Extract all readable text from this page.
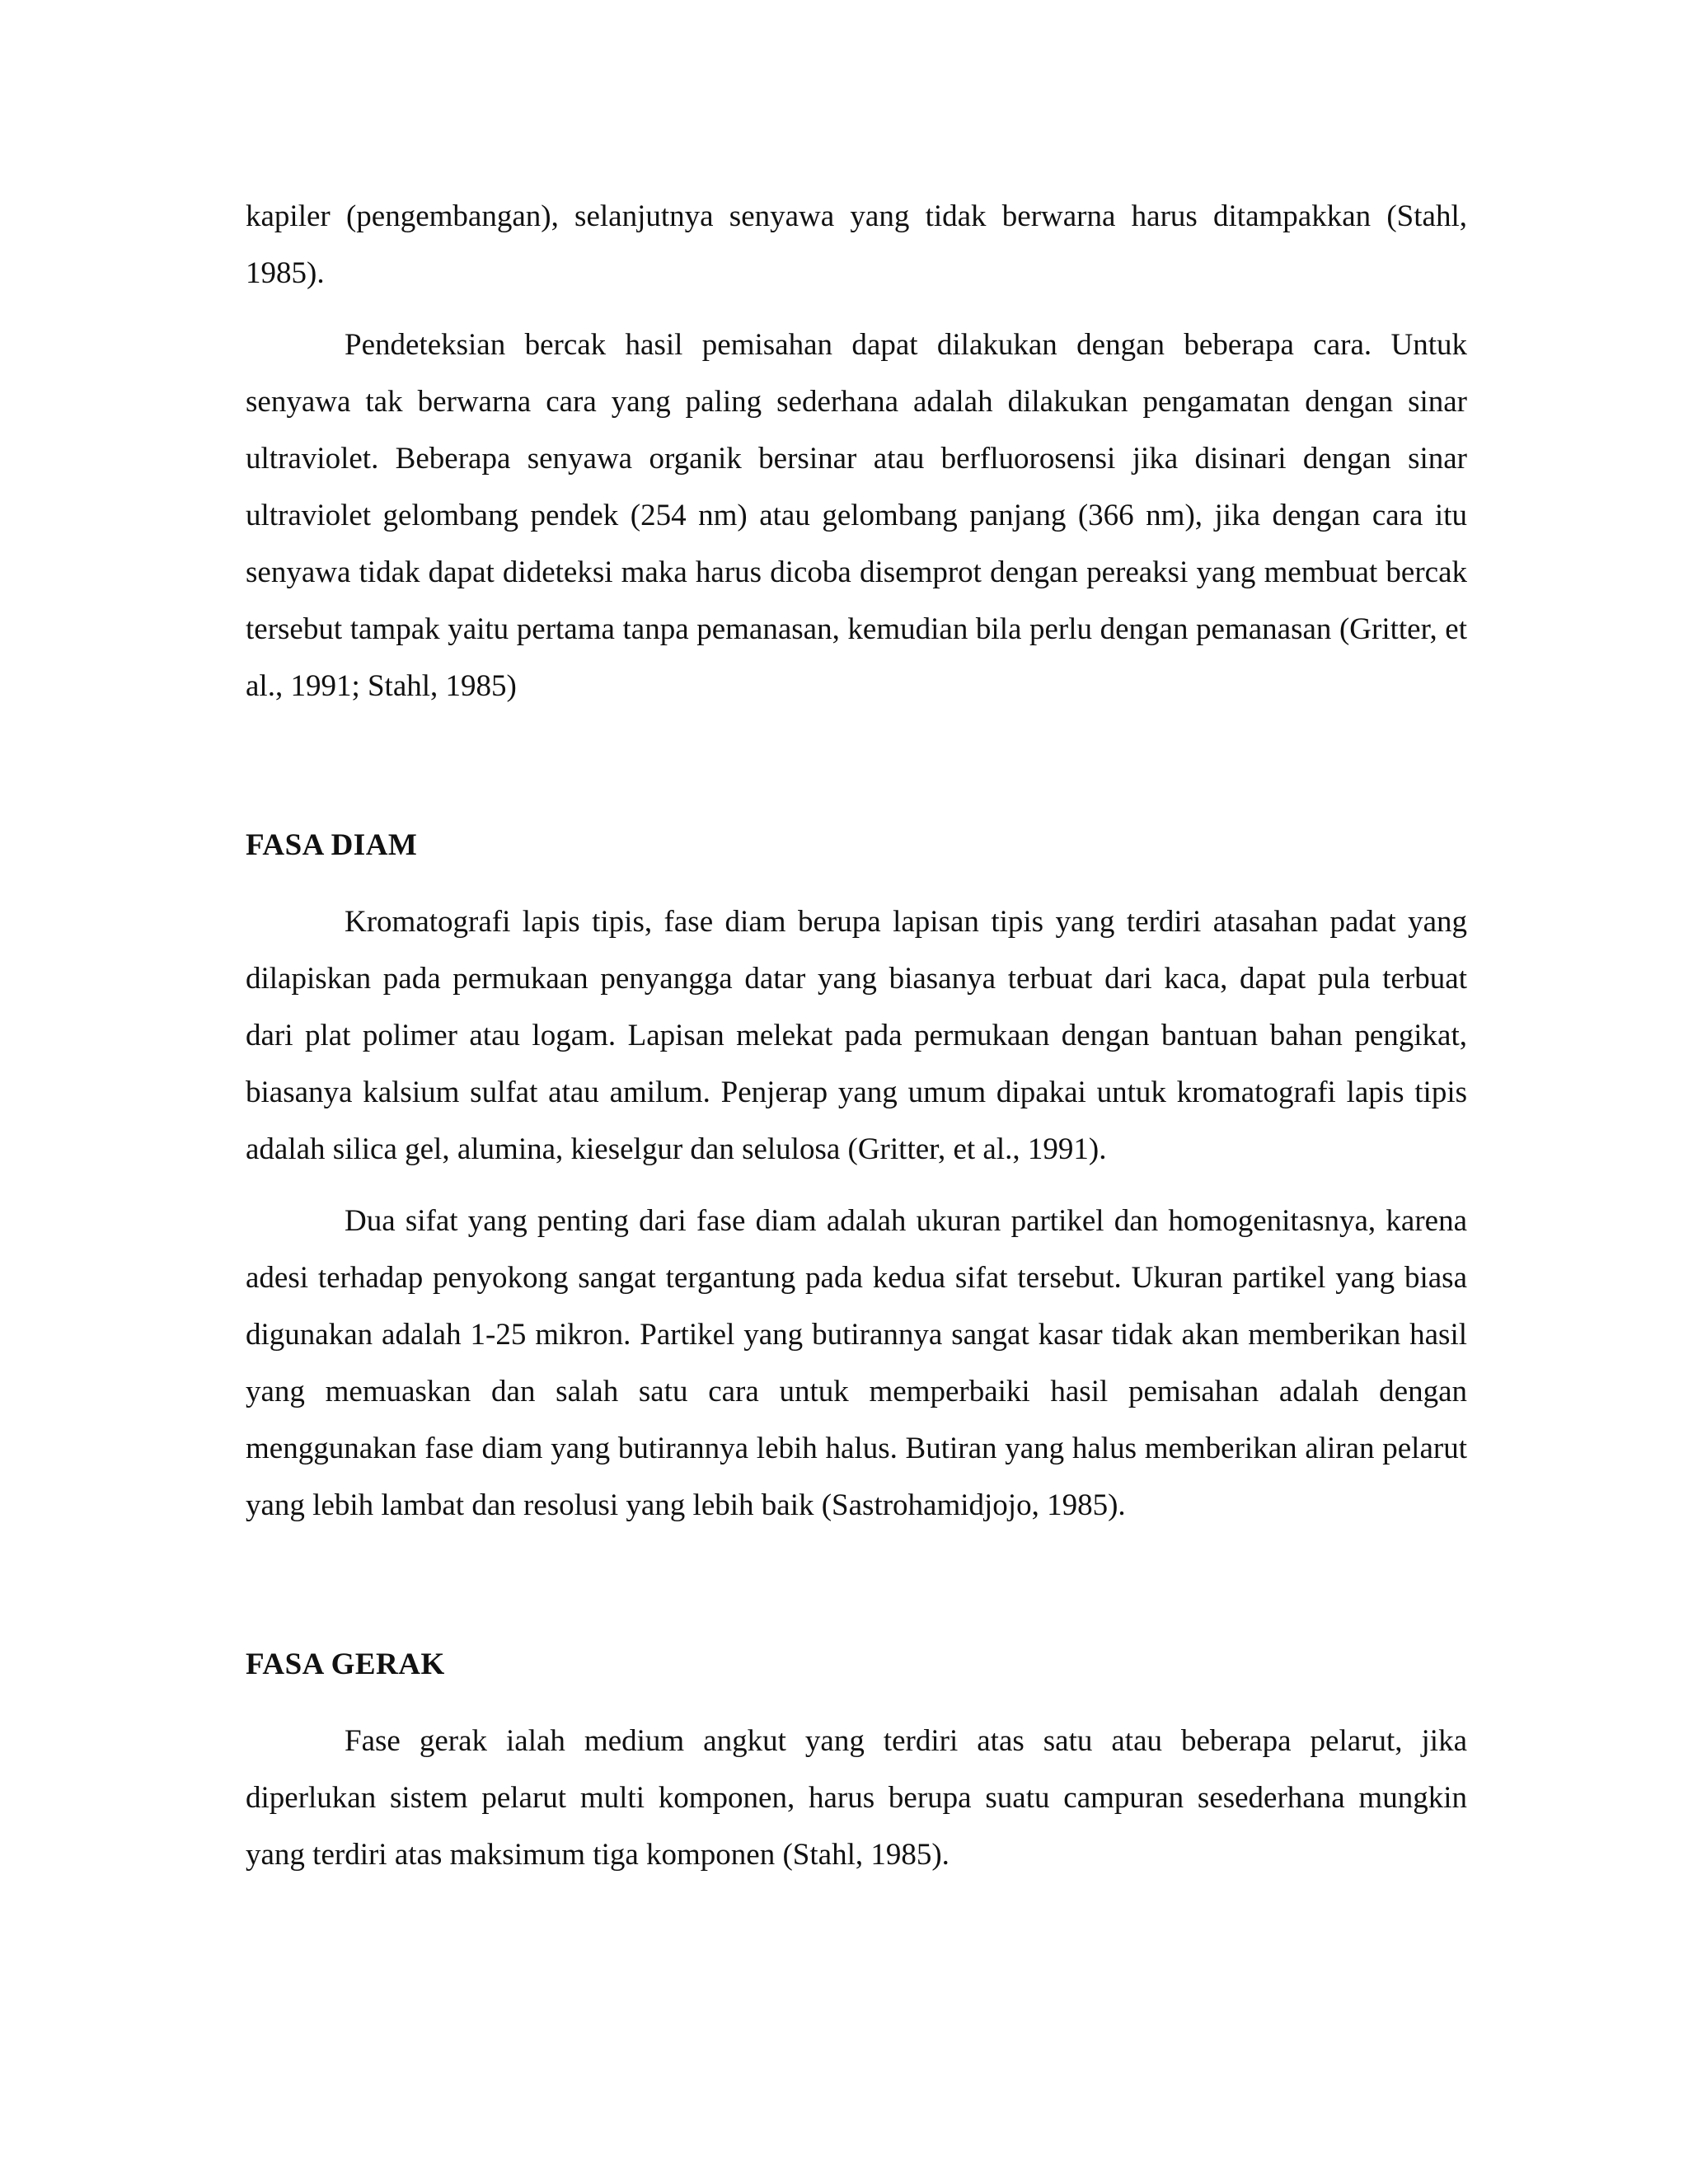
kapiler (pengembangan), selanjutnya senyawa yang tidak berwarna harus ditampakkan (Stahl, 1985).

Pendeteksian bercak hasil pemisahan dapat dilakukan dengan beberapa cara. Untuk senyawa tak berwarna cara yang paling sederhana adalah dilakukan pengamatan dengan sinar ultraviolet. Beberapa senyawa organik bersinar atau berfluorosensi jika disinari dengan sinar ultraviolet gelombang pendek (254 nm) atau gelombang panjang (366 nm), jika dengan cara itu senyawa tidak dapat dideteksi maka harus dicoba disemprot dengan pereaksi yang membuat bercak tersebut tampak yaitu pertama tanpa pemanasan, kemudian bila perlu dengan pemanasan (Gritter, et al., 1991; Stahl, 1985)

FASA DIAM

Kromatografi lapis tipis, fase diam berupa lapisan tipis yang terdiri atasahan padat yang dilapiskan pada permukaan penyangga datar yang biasanya terbuat dari kaca, dapat pula terbuat dari plat polimer atau logam. Lapisan melekat pada permukaan dengan bantuan bahan pengikat, biasanya kalsium sulfat atau amilum. Penjerap yang umum dipakai untuk kromatografi lapis tipis adalah silica gel, alumina, kieselgur dan selulosa (Gritter, et al., 1991).

Dua sifat yang penting dari fase diam adalah ukuran partikel dan homogenitasnya, karena adesi terhadap penyokong sangat tergantung pada kedua sifat tersebut. Ukuran partikel yang biasa digunakan adalah 1-25 mikron. Partikel yang butirannya sangat kasar tidak akan memberikan hasil yang memuaskan dan salah satu cara untuk memperbaiki hasil pemisahan adalah dengan menggunakan fase diam yang butirannya lebih halus. Butiran yang halus memberikan aliran pelarut yang lebih lambat dan resolusi yang lebih baik (Sastrohamidjojo, 1985).

FASA GERAK

Fase gerak ialah medium angkut yang terdiri atas satu atau beberapa pelarut, jika diperlukan sistem pelarut multi komponen, harus berupa suatu campuran sesederhana mungkin yang terdiri atas maksimum tiga komponen (Stahl, 1985).
